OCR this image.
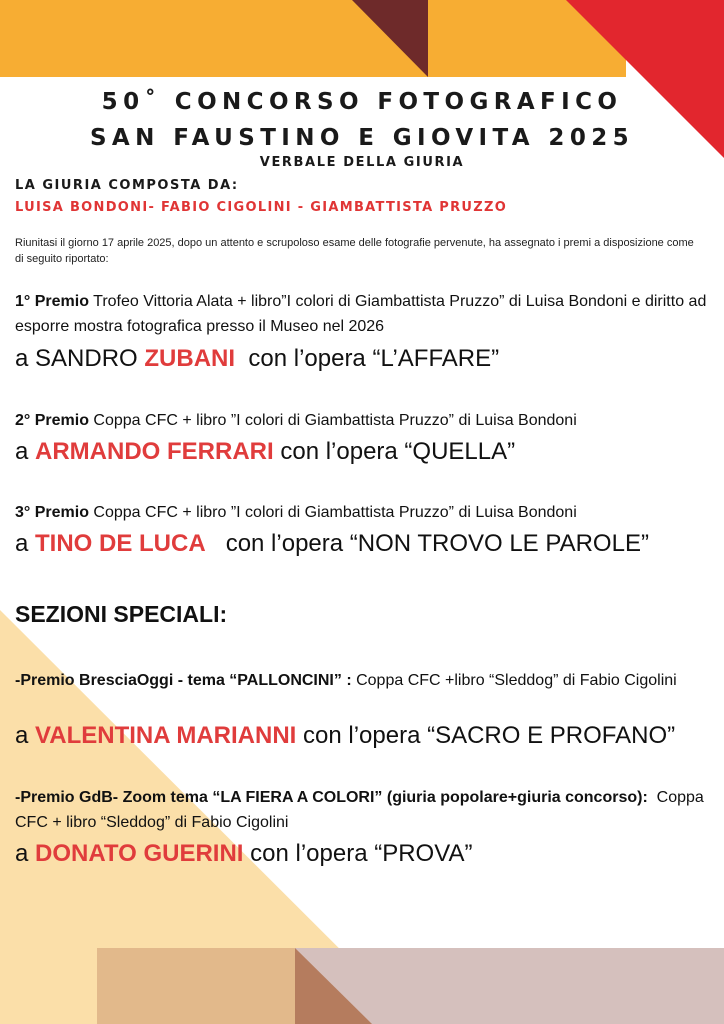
50˚ CONCORSO FOTOGRAFICO
SAN FAUSTINO E GIOVITA 2025
VERBALE DELLA GIURIA
LA GIURIA COMPOSTA DA:
LUISA BONDONI- FABIO CIGOLINI - GIAMBATTISTA PRUZZO
Riunitasi il giorno 17 aprile 2025, dopo un attento e scrupoloso esame delle fotografie pervenute, ha assegnato i premi a disposizione come di seguito riportato:
1° Premio Trofeo Vittoria Alata + libro”I colori di Giambattista Pruzzo” di Luisa Bondoni e diritto ad esporre mostra fotografica presso il Museo nel 2026
a SANDRO ZUBANI  con l’opera “L’AFFARE”
2° Premio Coppa CFC + libro ”I colori di Giambattista Pruzzo” di Luisa Bondoni
a ARMANDO FERRARI con l’opera “QUELLA”
3° Premio Coppa CFC + libro ”I colori di Giambattista Pruzzo” di Luisa Bondoni
a TINO DE LUCA   con l’opera “NON TROVO LE PAROLE”
SEZIONI SPECIALI:
-Premio BresciaOggi - tema “PALLONCINI” : Coppa CFC +libro “Sleddog” di Fabio Cigolini
a VALENTINA MARIANNI con l’opera “SACRO E PROFANO”
-Premio GdB- Zoom tema “LA FIERA A COLORI” (giuria popolare+giuria concorso):  Coppa CFC + libro “Sleddog” di Fabio Cigolini
a DONATO GUERINI con l’opera “PROVA”
